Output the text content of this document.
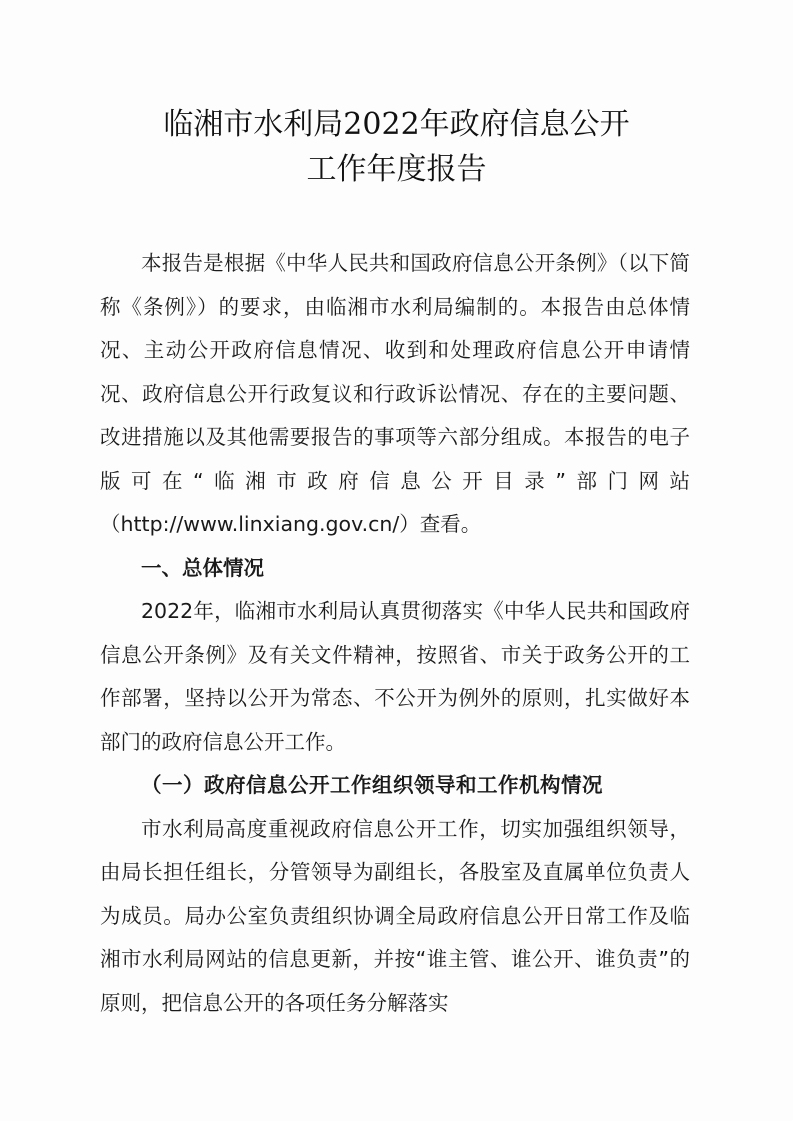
临湘市水利局2022年政府信息公开
工作年度报告

本报告是根据《中华人民共和国政府信息公开条例》（以下简称《条例》）的要求，由临湘市水利局编制的。本报告由总体情况、主动公开政府信息情况、收到和处理政府信息公开申请情况、政府信息公开行政复议和行政诉讼情况、存在的主要问题、改进措施以及其他需要报告的事项等六部分组成。本报告的电子版可在“临湘市政府信息公开目录”部门网站（http://www.linxiang.gov.cn/）查看。

一、总体情况

2022年，临湘市水利局认真贯彻落实《中华人民共和国政府信息公开条例》及有关文件精神，按照省、市关于政务公开的工作部署，坚持以公开为常态、不公开为例外的原则，扎实做好本部门的政府信息公开工作。

（一）政府信息公开工作组织领导和工作机构情况

市水利局高度重视政府信息公开工作，切实加强组织领导，由局长担任组长，分管领导为副组长，各股室及直属单位负责人为成员。局办公室负责组织协调全局政府信息公开日常工作及临湘市水利局网站的信息更新，并按“谁主管、谁公开、谁负责”的原则，把信息公开的各项任务分解落实
